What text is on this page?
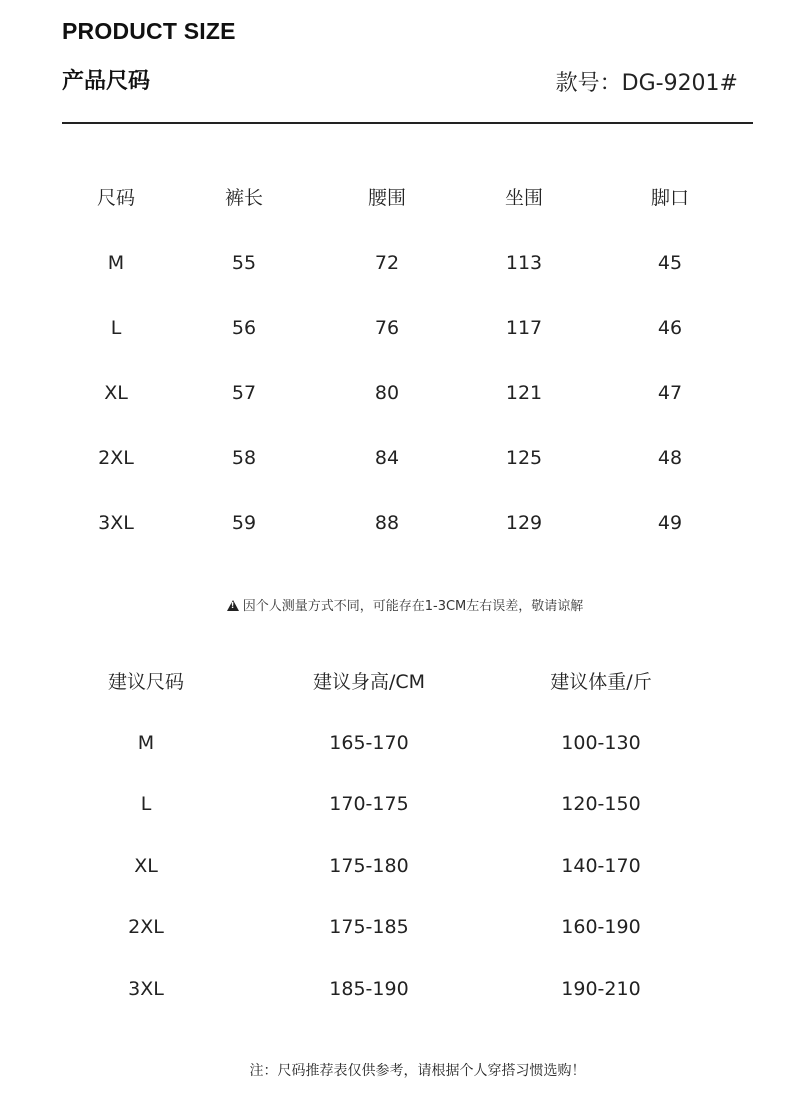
PRODUCT SIZE
产品尺码	款号：DG-9201#
尺码	裤长	腰围	坐围	脚口
M	55	72	113	45
L	56	76	117	46
XL	57	80	121	47
2XL	58	84	125	48
3XL	59	88	129	49
!因个人测量方式不同，可能存在1-3CM左右误差，敬请谅解
建议尺码	建议身高/CM	建议体重/斤
M	165-170	100-130
L	170-175	120-150
XL	175-180	140-170
2XL	175-185	160-190
3XL	185-190	190-210
注：尺码推荐表仅供参考，请根据个人穿搭习惯选购！
